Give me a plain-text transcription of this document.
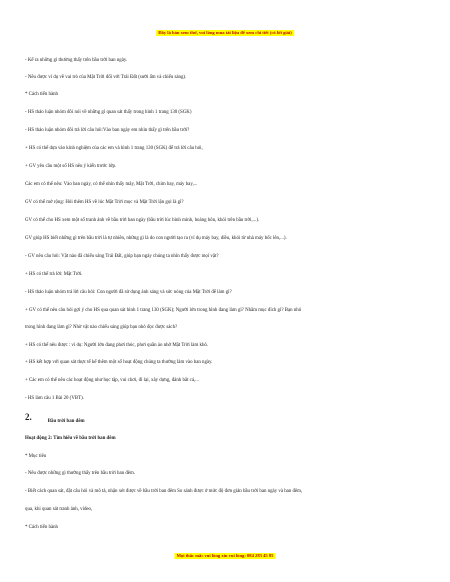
Đầy là bản xem thử, vui lòng mua tài liệu để xem chi tiết (có lời giải)
- Kể ra những gì thường thấy trên bầu trời ban ngày.
- Nêu được ví dụ về vai trò của Mặt Trời đối với Trái Đất (sưởi ấm và chiếu sáng).
* Cách tiến hành
- HS thảo luận nhóm đôi nói về những gì quan sát thấy trong hình 1 trang 130 (SGK)
- HS thảo luận nhóm đôi trả lời câu hỏi:Vào ban ngày em nhìn thấy gì trên bầu trời?
+ HS có thể dựa vào kinh nghiệm của các em và hình 1 trang 130 (SGK) để trả lời câu hỏi,
+ GV yêu cầu một số HS nêu ý kiến trước lớp.
Các em có thể nêu: Vào ban ngày, có thể nhìn thấy mây, Mặt Trời, chim bay, máy bay,...
GV có thể mở rộng: Hỏi thêm HS về lúc Mặt Trời mọc và Mặt Trời lặn gọi là gì?
GV có thể cho HS xem một số tranh ảnh về bầu trời ban ngày (bầu trời lúc bình minh, hoàng hôn, khói trên bầu trời,...).
GV giúp HS biết những gì trên bầu trời là tự nhiên, những gì là do con người tạo ra (ví dụ máy bay, diều, khói từ nhà máy bốc lên,...).
- GV nêu câu hỏi: Vật nào đã chiếu sáng Trái Đất, giúp bạn ngày chúng ta nhìn thấy được mọi vật?
+ HS có thể trả lời: Mặt Trời.
- HS thảo luận nhóm trả lời câu hỏi: Con người đã sử dụng ánh sáng và sức nóng của Mặt Trời để làm gì?
+ GV có thể nêu câu hỏi gợi ý cho HS qua quan sát hình 1 trang 130 (SGK); Người lớn trong hình đang làm gì? Nhằm mục đích gì? Bạn nhỏ
trong hình đang làm gì? Nhờ vật nào chiếu sáng giúp bạn nhỏ đọc được sách?
+ HS có thể nêu được : ví dụ: Người lớn đang phơi thóc, phơi quần áo nhờ Mặt Trời làm khô.
+ HS kết hợp với quan sát thực tế kể thêm một số hoạt động chúng ta thường làm vào ban ngày.
+ Các em có thể nêu các hoạt động như học tập, vui chơi, đi lại, xây dựng, đánh bắt cá,...
- HS làm câu 1 Bài 20 (VBT).
2.	Bầu trời ban đêm
Hoạt động 2: Tìm hiểu về bầu trời ban đêm
* Mục tiêu
- Nêu được những gì thường thấy trên bầu trời ban đêm.
- Biết cách quan sát, đặt câu hỏi và mô tả, nhận xét được về bầu trời ban đêm So sánh được ở mức độ đơn giản bầu trời ban ngày và ban đêm,
qua, khi quan sát tranh ảnh, video,
* Cách tiến hành
Mọi thắc mắc vui lòng xin vui lòng: 084 283 45 85
